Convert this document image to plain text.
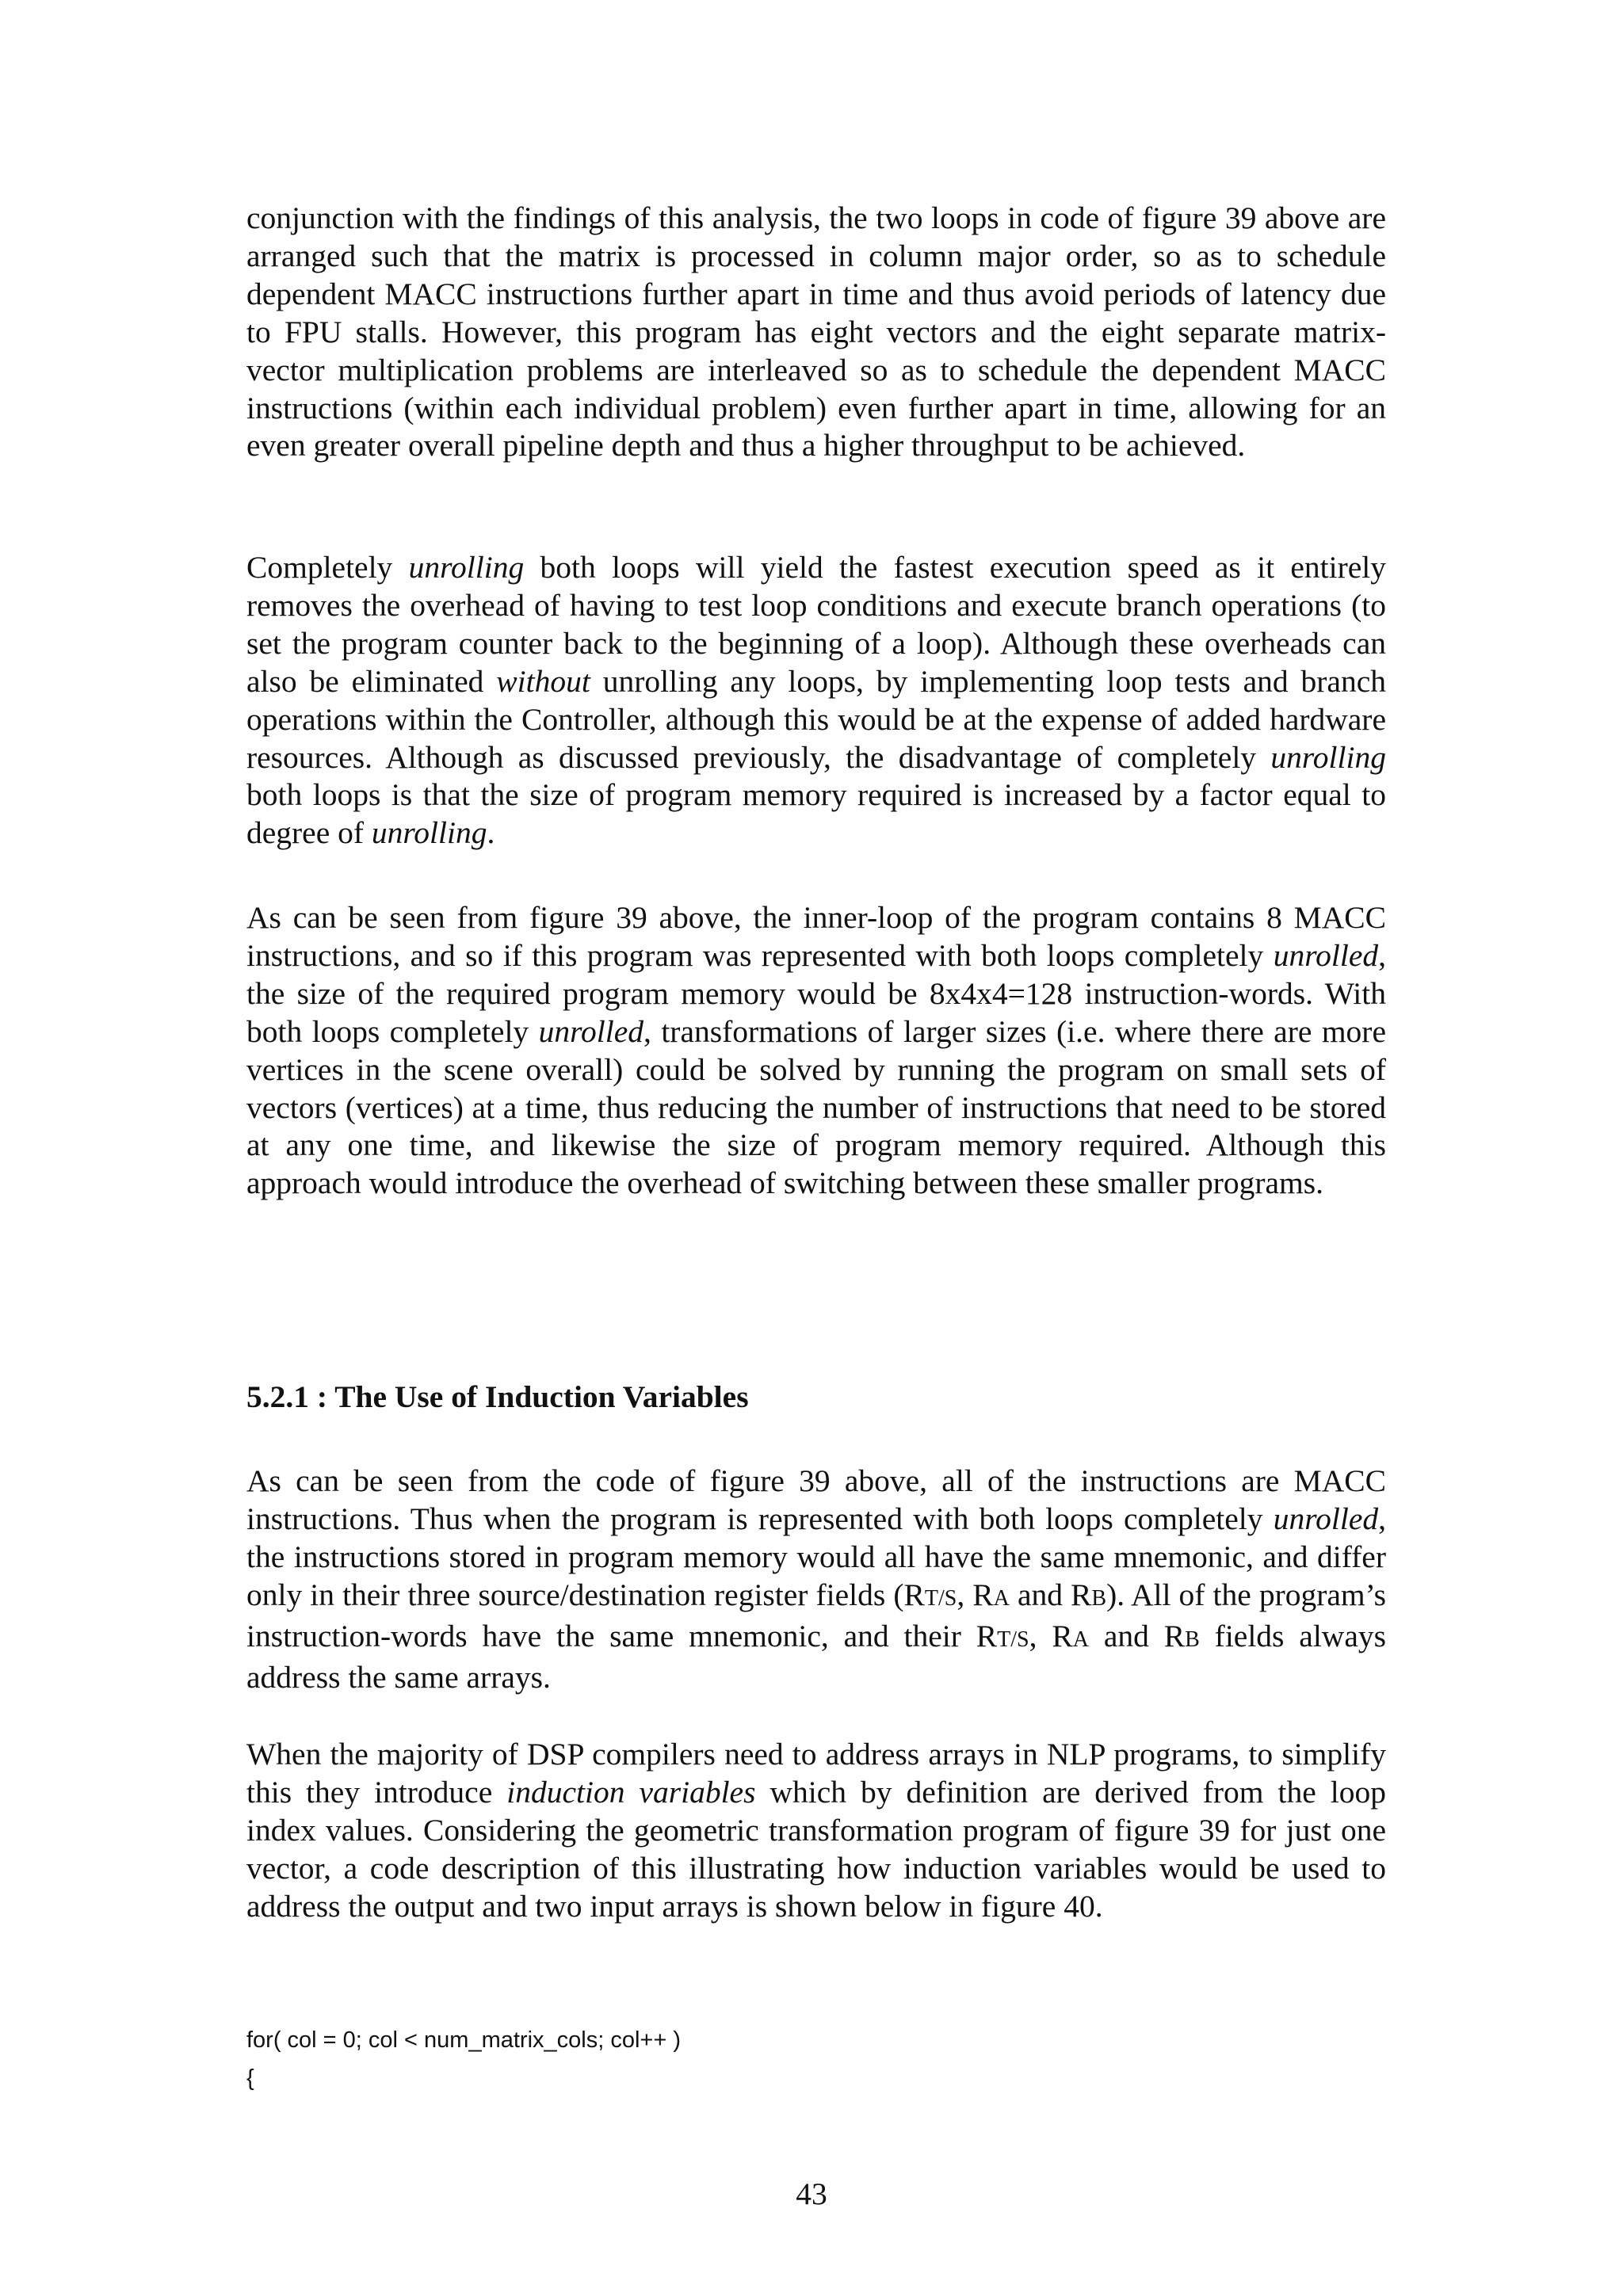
conjunction with the findings of this analysis, the two loops in code of figure 39 above are arranged such that the matrix is processed in column major order, so as to schedule dependent MACC instructions further apart in time and thus avoid periods of latency due to FPU stalls. However, this program has eight vectors and the eight separate matrix-vector multiplication problems are interleaved so as to schedule the dependent MACC instructions (within each individual problem) even further apart in time, allowing for an even greater overall pipeline depth and thus a higher throughput to be achieved.

Completely unrolling both loops will yield the fastest execution speed as it entirely removes the overhead of having to test loop conditions and execute branch operations (to set the program counter back to the beginning of a loop). Although these overheads can also be eliminated without unrolling any loops, by implementing loop tests and branch operations within the Controller, although this would be at the expense of added hardware resources. Although as discussed previously, the disadvantage of completely unrolling both loops is that the size of program memory required is increased by a factor equal to degree of unrolling.

As can be seen from figure 39 above, the inner-loop of the program contains 8 MACC instructions, and so if this program was represented with both loops completely unrolled, the size of the required program memory would be 8x4x4=128 instruction-words. With both loops completely unrolled, transformations of larger sizes (i.e. where there are more vertices in the scene overall) could be solved by running the program on small sets of vectors (vertices) at a time, thus reducing the number of instructions that need to be stored at any one time, and likewise the size of program memory required. Although this approach would introduce the overhead of switching between these smaller programs.

5.2.1 : The Use of Induction Variables

As can be seen from the code of figure 39 above, all of the instructions are MACC instructions. Thus when the program is represented with both loops completely unrolled, the instructions stored in program memory would all have the same mnemonic, and differ only in their three source/destination register fields (RT/S, RA and RB). All of the program’s instruction-words have the same mnemonic, and their RT/S, RA and RB fields always address the same arrays.

When the majority of DSP compilers need to address arrays in NLP programs, to simplify this they introduce induction variables which by definition are derived from the loop index values. Considering the geometric transformation program of figure 39 for just one vector, a code description of this illustrating how induction variables would be used to address the output and two input arrays is shown below in figure 40.

for( col = 0; col < num_matrix_cols; col++ )
{
43
